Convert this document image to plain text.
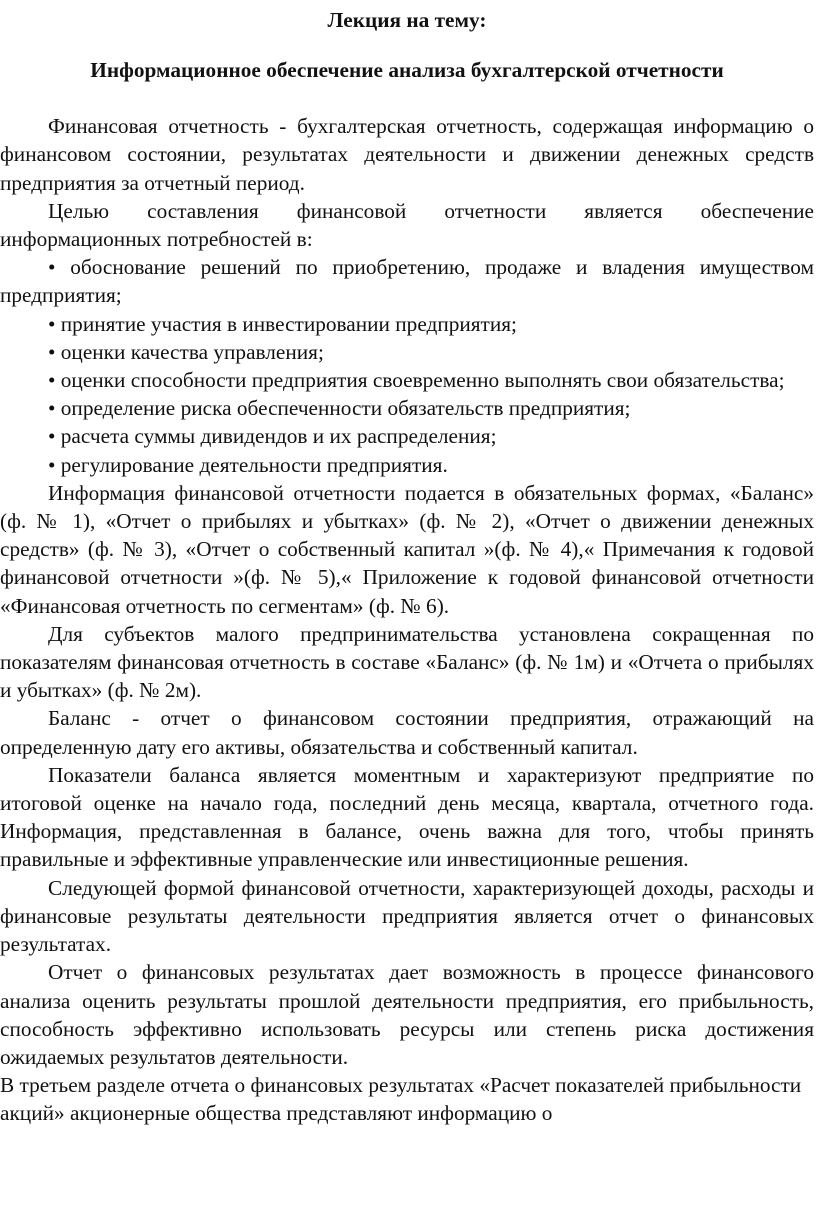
Лекция на тему:

Информационное обеспечение анализа бухгалтерской отчетности

Финансовая отчетность - бухгалтерская отчетность, содержащая информацию о финансовом состоянии, результатах деятельности и движении денежных средств предприятия за отчетный период.

Целью составления финансовой отчетности является обеспечение информационных потребностей в:

• обоснование решений по приобретению, продаже и владения имуществом предприятия;

• принятие участия в инвестировании предприятия;

• оценки качества управления;

• оценки способности предприятия своевременно выполнять свои обязательства;

• определение риска обеспеченности обязательств предприятия;

• расчета суммы дивидендов и их распределения;

• регулирование деятельности предприятия.

Информация финансовой отчетности подается в обязательных формах, «Баланс» (ф. № 1), «Отчет о прибылях и убытках» (ф. № 2), «Отчет о движении денежных средств» (ф. № 3), «Отчет о собственный капитал »(ф. № 4),« Примечания к годовой финансовой отчетности »(ф. № 5),« Приложение к годовой финансовой отчетности «Финансовая отчетность по сегментам» (ф. № 6).

Для субъектов малого предпринимательства установлена сокращенная по показателям финансовая отчетность в составе «Баланс» (ф. № 1м) и «Отчета о прибылях и убытках» (ф. № 2м).

Баланс - отчет о финансовом состоянии предприятия, отражающий на определенную дату его активы, обязательства и собственный капитал.

Показатели баланса является моментным и характеризуют предприятие по итоговой оценке на начало года, последний день месяца, квартала, отчетного года. Информация, представленная в балансе, очень важна для того, чтобы принять правильные и эффективные управленческие или инвестиционные решения.

Следующей формой финансовой отчетности, характеризующей доходы, расходы и финансовые результаты деятельности предприятия является отчет о финансовых результатах.

Отчет о финансовых результатах дает возможность в процессе финансового анализа оценить результаты прошлой деятельности предприятия, его прибыльность, способность эффективно использовать ресурсы или степень риска достижения ожидаемых результатов деятельности.

В третьем разделе отчета о финансовых результатах «Расчет показателей прибыльности акций» акционерные общества представляют информацию о
